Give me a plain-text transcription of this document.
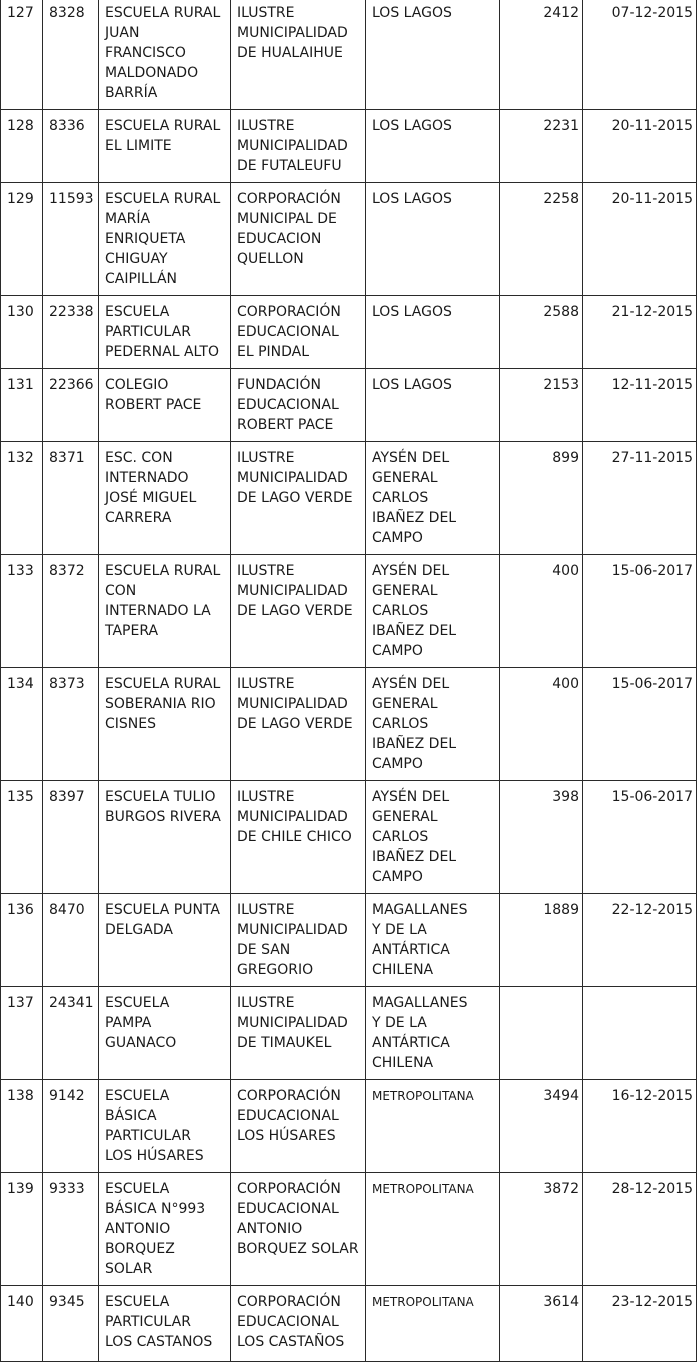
127	8328	ESCUELA RURAL
JUAN
FRANCISCO
MALDONADO
BARRÍA	ILUSTRE
MUNICIPALIDAD
DE HUALAIHUE	LOS LAGOS	2412	07-12-2015
128	8336	ESCUELA RURAL
EL LIMITE	ILUSTRE
MUNICIPALIDAD
DE FUTALEUFU	LOS LAGOS	2231	20-11-2015
129	11593	ESCUELA RURAL
MARÍA
ENRIQUETA
CHIGUAY
CAIPILLÁN	CORPORACIÓN
MUNICIPAL DE
EDUCACION
QUELLON	LOS LAGOS	2258	20-11-2015
130	22338	ESCUELA
PARTICULAR
PEDERNAL ALTO	CORPORACIÓN
EDUCACIONAL
EL PINDAL	LOS LAGOS	2588	21-12-2015
131	22366	COLEGIO
ROBERT PACE	FUNDACIÓN
EDUCACIONAL
ROBERT PACE	LOS LAGOS	2153	12-11-2015
132	8371	ESC. CON
INTERNADO
JOSÉ MIGUEL
CARRERA	ILUSTRE
MUNICIPALIDAD
DE LAGO VERDE	AYSÉN DEL
GENERAL
CARLOS
IBAÑEZ DEL
CAMPO	899	27-11-2015
133	8372	ESCUELA RURAL
CON
INTERNADO LA
TAPERA	ILUSTRE
MUNICIPALIDAD
DE LAGO VERDE	AYSÉN DEL
GENERAL
CARLOS
IBAÑEZ DEL
CAMPO	400	15-06-2017
134	8373	ESCUELA RURAL
SOBERANIA RIO
CISNES	ILUSTRE
MUNICIPALIDAD
DE LAGO VERDE	AYSÉN DEL
GENERAL
CARLOS
IBAÑEZ DEL
CAMPO	400	15-06-2017
135	8397	ESCUELA TULIO
BURGOS RIVERA	ILUSTRE
MUNICIPALIDAD
DE CHILE CHICO	AYSÉN DEL
GENERAL
CARLOS
IBAÑEZ DEL
CAMPO	398	15-06-2017
136	8470	ESCUELA PUNTA
DELGADA	ILUSTRE
MUNICIPALIDAD
DE SAN
GREGORIO	MAGALLANES
Y DE LA
ANTÁRTICA
CHILENA	1889	22-12-2015
137	24341	ESCUELA
PAMPA
GUANACO	ILUSTRE
MUNICIPALIDAD
DE TIMAUKEL	MAGALLANES
Y DE LA
ANTÁRTICA
CHILENA		

138	9142	ESCUELA
BÁSICA
PARTICULAR
LOS HÚSARES	CORPORACIÓN
EDUCACIONAL
LOS HÚSARES	METROPOLITANA	3494	16-12-2015
139	9333	ESCUELA
BÁSICA N°993
ANTONIO
BORQUEZ
SOLAR	CORPORACIÓN
EDUCACIONAL
ANTONIO
BORQUEZ SOLAR	METROPOLITANA	3872	28-12-2015
140	9345	ESCUELA
PARTICULAR
LOS CASTANOS	CORPORACIÓN
EDUCACIONAL
LOS CASTAÑOS	METROPOLITANA	3614	23-12-2015
